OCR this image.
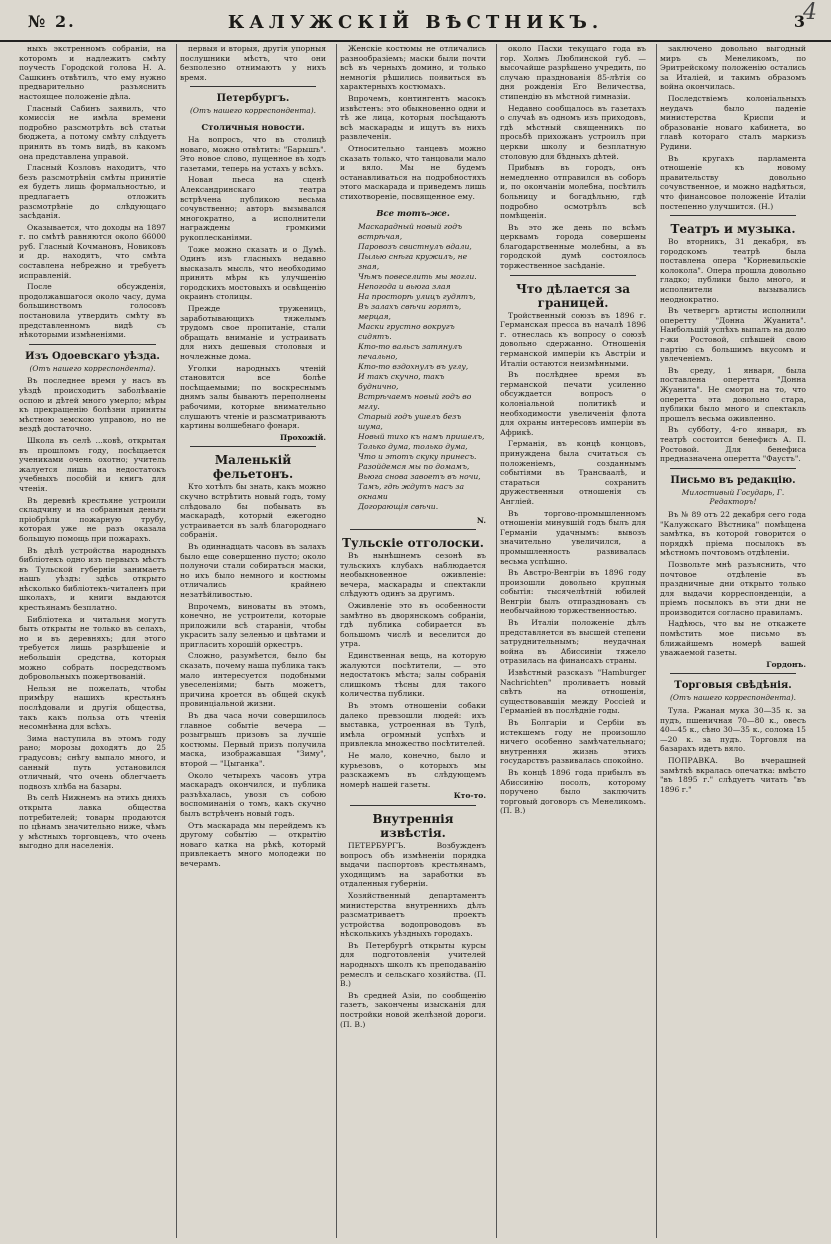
№ 2.	КАЛУЖСКІЙ ВѢСТНИКЪ.	3
4

ныхъ экстренномъ собраніи, на которомъ и надлежитъ смѣту поучесть Городской голова Н. А. Сашкинъ отвѣтилъ, что ему нужно предварительно разъяснить настоящее положеніе дѣла.

Гласный Сабинъ заявилъ, что комиссія не имѣла времени подробно разсмотрѣть всѣ статьи бюджета, а потому смѣту слѣдуетъ принять въ томъ видѣ, въ какомъ она представлена управой.

Гласный Козловъ находитъ, что безъ разсмотрѣнія смѣты принятіе ея будетъ лишь формальностью, и предлагаетъ отложить разсмотрѣніе до слѣдующаго засѣданія.

Оказывается, что доходы на 1897 г. по смѣтѣ равняются около 66000 руб. Гласный Кочмановъ, Новиковъ и др. находятъ, что смѣта составлена небрежно и требуетъ исправленій.

После обсужденія, продолжавшагося около часу, дума большинствомъ голосовъ постановила утвердить смѣту въ представленномъ видѣ съ нѣкоторыми измѣненіями.

Изъ Одоевскаго уѣзда.
(Отъ нашего корреспондента).

Въ последнее время у насъ въ уѣздѣ происходитъ заболѣваніе оспою и дѣтей много умерло; мѣры къ прекращенію болѣзни приняты мѣстною земскою управою, но не вездѣ достаточно.

Школа въ селѣ ...ковѣ, открытая въ прошломъ году, посѣщается учениками очень охотно; учитель жалуется лишь на недостатокъ учебныхъ пособій и книгъ для чтенія.

Въ деревнѣ крестьяне устроили складчину и на собранныя деньги пріобрѣли пожарную трубу, которая уже не разъ оказала большую помощь при пожарахъ.

Въ дѣлѣ устройства народныхъ библіотекъ одно изъ первыхъ мѣстъ въ Тульской губерніи занимаетъ нашъ уѣздъ: здѣсь открыто нѣсколько библіотекъ-читаленъ при школахъ, и книги выдаются крестьянамъ безплатно.

Библіотека и читальня могутъ быть открыты не только въ селахъ, но и въ деревняхъ; для этого требуется лишь разрѣшеніе и небольшія средства, которыя можно собрать посредствомъ добровольныхъ пожертвованій.

Нельзя не пожелать, чтобы примѣру нашихъ крестьянъ послѣдовали и другія общества, такъ какъ польза отъ чтенія несомнѣнна для всѣхъ.

Зима наступила въ этомъ году рано; морозы доходятъ до 25 градусовъ; снѣгу выпало много, и санный путь установился отличный, что очень облегчаетъ подвозъ хлѣба на базары.

Въ селѣ Нижнемъ на этихъ дняхъ открыта лавка общества потребителей; товары продаются по цѣнамъ значительно ниже, чѣмъ у мѣстныхъ торговцевъ, что очень выгодно для населенія.

первыя и вторыя, другія упорныя послушники мѣстъ, что они безполезно отнимаютъ у нихъ время.

Петербургъ.
(Отъ нашего корреспондента).
Столичныя новости.

На вопросъ, что въ столицѣ новаго, можно отвѣтить: "Барышъ". Это новое слово, пущенное въ ходъ газетами, теперь на устахъ у всѣхъ.

Новая пьеса на сценѣ Александринскаго театра встрѣчена публикою весьма сочувственно; авторъ вызывался многократно, а исполнители награждены громкими рукоплесканіями.

Тоже можно сказать и о Думѣ. Одинъ изъ гласныхъ недавно высказалъ мысль, что необходимо принять мѣры къ улучшенію городскихъ мостовыхъ и освѣщенію окраинъ столицы.

Прежде труженицъ, заработывающихъ тяжелымъ трудомъ свое пропитаніе, стали обращать вниманіе и устраивать для нихъ дешевыя столовыя и ночлежные дома.

Уголки народныхъ чтеній становятся все болѣе посѣщаемыми; по воскреснымъ днямъ залы бываютъ переполнены рабочими, которые внимательно слушаютъ чтеніе и разсматриваютъ картины волшебнаго фонаря.

Прохожій.
Маленькій фельетонъ.

Кто хотѣлъ бы знать, какъ можно скучно встрѣтить новый годъ, тому слѣдовало бы побывать въ маскарадѣ, который ежегодно устраивается въ залѣ благороднаго собранія.

Въ одиннадцать часовъ въ залахъ было еще совершенно пусто; около полуночи стали собираться маски, но ихъ было немного и костюмы отличались крайнею незатѣйливостью.

Впрочемъ, виноваты въ этомъ, конечно, не устроители, которые приложили всѣ старанія, чтобы украсить залу зеленью и цвѣтами и пригласить хорошій оркестръ.

Сложно, разумѣется, было бы сказать, почему наша публика такъ мало интересуется подобными увеселеніями; быть можетъ, причина кроется въ общей скукѣ провинціальной жизни.

Въ два часа ночи совершилось главное событіе вечера — розыгрышъ призовъ за лучшіе костюмы. Первый призъ получила маска, изображавшая "Зиму", второй — "Цыганка".

Около четырехъ часовъ утра маскарадъ окончился, и публика разъѣхалась, увозя съ собою воспоминанія о томъ, какъ скучно былъ встрѣченъ новый годъ.

Отъ маскарада мы перейдемъ къ другому событію — открытію новаго катка на рѣкѣ, который привлекаетъ много молодежи по вечерамъ.

Женскіе костюмы не отличались разнообразіемъ; маски были почти всѣ въ черныхъ домино, и только немногія рѣшились появиться въ характерныхъ костюмахъ.

Впрочемъ, контингентъ масокъ извѣстенъ: это обыкновенно одни и тѣ же лица, которыя посѣщаютъ всѣ маскарады и ищутъ въ нихъ развлеченія.

Относительно танцевъ можно сказать только, что танцовали мало и вяло. Мы не будемъ останавливаться на подробностяхъ этого маскарада и приведемъ лишь стихотвореніе, посвященное ему.

Все тотъ-же.
Маскарадный новый годъ встрѣчая,
Паровозъ свистнулъ вдали,
Пылью снѣга кружилъ, не зная,
Чѣмъ повеселить мы могли.
Непогода и вьюга злая
На просторѣ улицъ гудятъ,
Въ залахъ свѣчи горятъ, мерцая,
Маски грустно вокругъ сидятъ.
Кто-то вальсъ затянулъ печально,
Кто-то вздохнулъ въ углу,
И такъ скучно, такъ буднично,
Встрѣчаемъ новый годъ во мглу.
Старый годъ ушелъ безъ шума,
Новый тихо къ намъ пришелъ,
Только дума, только дума,
Что и этотъ скуку принесъ.
Разойдемся мы по домамъ,
Вьюга снова завоетъ въ ночи,
Тамъ, гдѣ ждутъ насъ за окнами
Догорающія свѣчи.
N.
Тульскіе отголоски.

Въ нынѣшнемъ сезонѣ въ тульскихъ клубахъ наблюдается необыкновенное оживленіе: вечера, маскарады и спектакли слѣдуютъ одинъ за другимъ.

Оживленіе это въ особенности замѣтно въ дворянскомъ собраніи, гдѣ публика собирается въ большомъ числѣ и веселится до утра.

Единственная вещь, на которую жалуются посѣтители, — это недостатокъ мѣста; залы собранія слишкомъ тѣсны для такого количества публики.

Въ этомъ отношеніи собаки далеко превзошли людей: ихъ выставка, устроенная въ Тулѣ, имѣла огромный успѣхъ и привлекла множество посѣтителей.

Не мало, конечно, было и курьезовъ, о которыхъ мы разскажемъ въ слѣдующемъ номерѣ нашей газеты.

Кто-то.
Внутреннія извѣстія.

ПЕТЕРБУРГЪ. Возбужденъ вопросъ объ измѣненіи порядка выдачи паспортовъ крестьянамъ, уходящимъ на заработки въ отдаленныя губерніи.

Хозяйственный департаментъ министерства внутреннихъ дѣлъ разсматриваетъ проектъ устройства водопроводовъ въ нѣсколькихъ уѣздныхъ городахъ.

Въ Петербургѣ открыты курсы для подготовленія учителей народныхъ школъ къ преподаванію ремеслъ и сельскаго хозяйства. (П. В.)

Въ средней Азіи, по сообщенію газетъ, закончены изысканія для постройки новой желѣзной дороги. (П. В.)

около Пасхи текущаго года въ гор. Холмъ Люблинской губ. — высочайше разрѣшено учредить, по случаю празднованія 85-лѣтія со дня рожденія Его Величества, стипендію въ мѣстной гимназіи.

Недавно сообщалось въ газетахъ о случаѣ въ одномъ изъ приходовъ, гдѣ мѣстный священникъ по просьбѣ прихожанъ устроилъ при церкви школу и безплатную столовую для бѣдныхъ дѣтей.

Прибывъ въ городъ, онъ немедленно отправился въ соборъ и, по окончаніи молебна, посѣтилъ больницу и богадѣльню, гдѣ подробно осмотрѣлъ всѣ помѣщенія.

Въ это же день по всѣмъ церквамъ города совершены благодарственные молебны, а въ городской думѣ состоялось торжественное засѣданіе.

Что дѣлается за границей.

Тройственный союзъ въ 1896 г. Германская пресса въ началѣ 1896 г. отнеслась къ вопросу о союзѣ довольно сдержанно. Отношенія германской имперіи къ Австріи и Италіи остаются неизмѣнными.

Въ послѣднее время въ германской печати усиленно обсуждается вопросъ о колоніальной политикѣ и необходимости увеличенія флота для охраны интересовъ имперіи въ Африкѣ.

Германія, въ концѣ концовъ, принуждена была считаться съ положеніемъ, созданнымъ событіями въ Трансваалѣ, и стараться сохранить дружественныя отношенія съ Англіей.

Въ торгово-промышленномъ отношеніи минувшій годъ былъ для Германіи удачнымъ: вывозъ значительно увеличился, а промышленность развивалась весьма успѣшно.

Въ Австро-Венгріи въ 1896 году произошли довольно крупныя событія: тысячелѣтній юбилей Венгріи былъ отпразднованъ съ необычайною торжественностью.

Въ Италіи положеніе дѣлъ представляется въ высшей степени затруднительнымъ; неудачная война въ Абиссиніи тяжело отразилась на финансахъ страны.

Извѣстный разсказъ "Hamburger Nachrichten" проливаетъ новый свѣтъ на отношенія, существовавшія между Россіей и Германіей въ послѣдніе годы.

Въ Болгаріи и Сербіи въ истекшемъ году не произошло ничего особенно замѣчательнаго; внутренняя жизнь этихъ государствъ развивалась спокойно.

Въ концѣ 1896 года прибылъ въ Абиссинію посолъ, которому поручено было заключить торговый договоръ съ Менеликомъ. (П. В.)

заключено довольно выгодный миръ съ Менеликомъ, по Эритрейскому положенію остались за Италіей, и такимъ образомъ война окончилась.

Последствіемъ колоніальныхъ неудачъ было паденіе министерства Криспи и образованіе новаго кабинета, во главѣ котораго сталъ маркизъ Рудини.

Въ кругахъ парламента отношеніе къ новому правительству довольно сочувственное, и можно надѣяться, что финансовое положеніе Италіи постепенно улучшится. (Н.)

Театръ и музыка.

Во вторникъ, 31 декабря, въ городскомъ театрѣ была поставлена опера "Корневильскіе колокола". Опера прошла довольно гладко; публики было много, и исполнители вызывались неоднократно.

Въ четвергъ артисты исполнили оперетту "Донна Жуанита". Наибольшій успѣхъ выпалъ на долю г-жи Ростовой, спѣвшей свою партію съ большимъ вкусомъ и увлеченіемъ.

Въ среду, 1 января, была поставлена оперетта "Донна Жуанита". Не смотря на то, что оперетта эта довольно стара, публики было много и спектакль прошелъ весьма оживленно.

Въ субботу, 4-го января, въ театрѣ состоится бенефисъ А. П. Ростовой. Для бенефиса предназначена оперетта "Фаустъ".

Письмо въ редакцію.
Милостивый Государь, Г. Редакторъ!

Въ № 89 отъ 22 декабря сего года "Калужскаго Вѣстника" помѣщена замѣтка, въ которой говорится о порядкѣ пріема посылокъ въ мѣстномъ почтовомъ отдѣленіи.

Позвольте мнѣ разъяснить, что почтовое отдѣленіе въ праздничные дни открыто только для выдачи корреспонденціи, а пріемъ посылокъ въ эти дни не производится согласно правиламъ.

Надѣюсь, что вы не откажете помѣстить мое письмо въ ближайшемъ номерѣ вашей уважаемой газеты.

Гордонъ.
Торговыя свѣдѣнія.
(Отъ нашего корреспондента).

Тула. Ржаная мука 30—35 к. за пудъ, пшеничная 70—80 к., овесъ 40—45 к., сѣно 30—35 к., солома 15—20 к. за пудъ. Торговля на базарахъ идетъ вяло.

ПОПРАВКА. Во вчерашней замѣткѣ вкралась опечатка: вмѣсто "въ 1895 г." слѣдуетъ читать "въ 1896 г."
